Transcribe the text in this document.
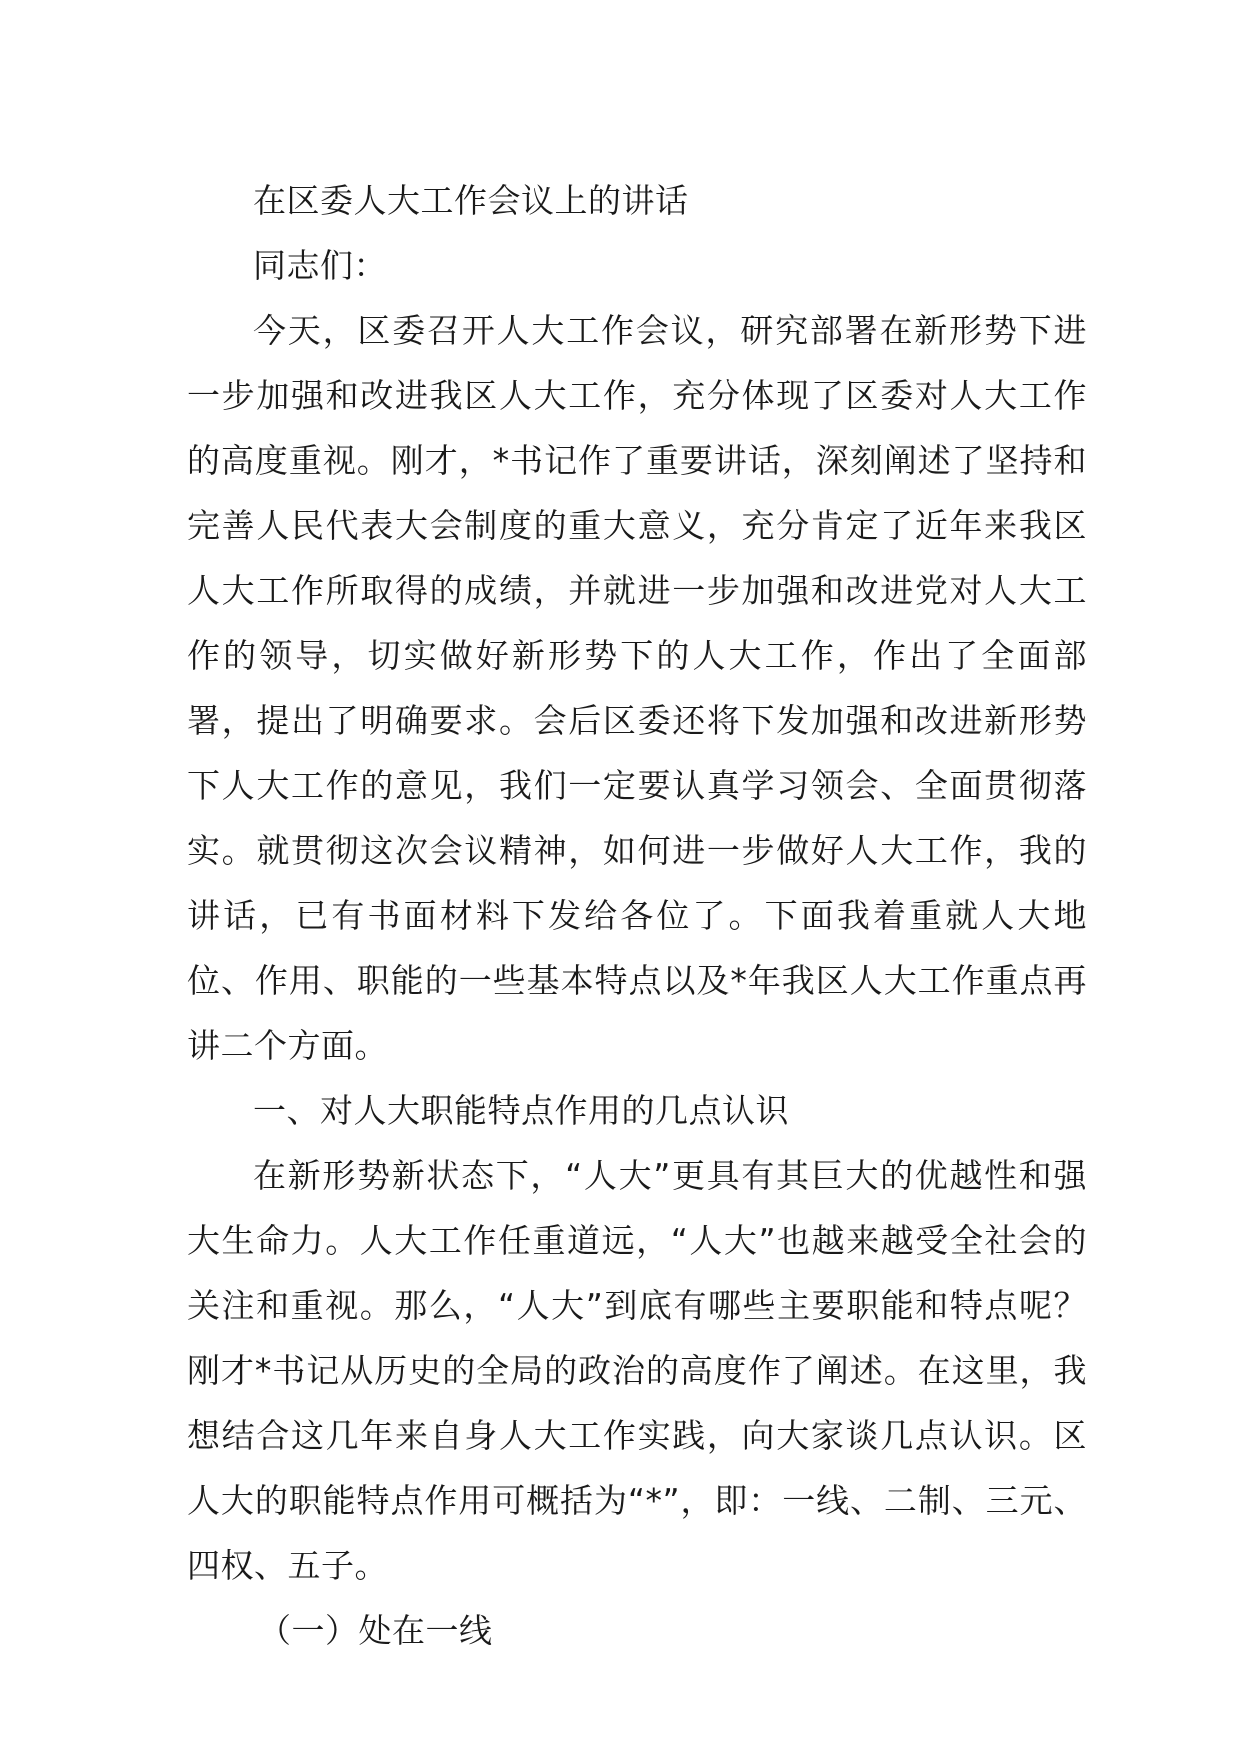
在区委人大工作会议上的讲话

同志们：

今天，区委召开人大工作会议，研究部署在新形势下进一步加强和改进我区人大工作，充分体现了区委对人大工作的高度重视。刚才，*书记作了重要讲话，深刻阐述了坚持和完善人民代表大会制度的重大意义，充分肯定了近年来我区人大工作所取得的成绩，并就进一步加强和改进党对人大工作的领导，切实做好新形势下的人大工作，作出了全面部署，提出了明确要求。会后区委还将下发加强和改进新形势下人大工作的意见，我们一定要认真学习领会、全面贯彻落实。就贯彻这次会议精神，如何进一步做好人大工作，我的讲话，已有书面材料下发给各位了。下面我着重就人大地位、作用、职能的一些基本特点以及*年我区人大工作重点再讲二个方面。

一、对人大职能特点作用的几点认识

在新形势新状态下，“人大”更具有其巨大的优越性和强大生命力。人大工作任重道远，“人大”也越来越受全社会的关注和重视。那么，“人大”到底有哪些主要职能和特点呢？刚才*书记从历史的全局的政治的高度作了阐述。在这里，我想结合这几年来自身人大工作实践，向大家谈几点认识。区人大的职能特点作用可概括为“*”，即：一线、二制、三元、四权、五子。

（一）处在一线
